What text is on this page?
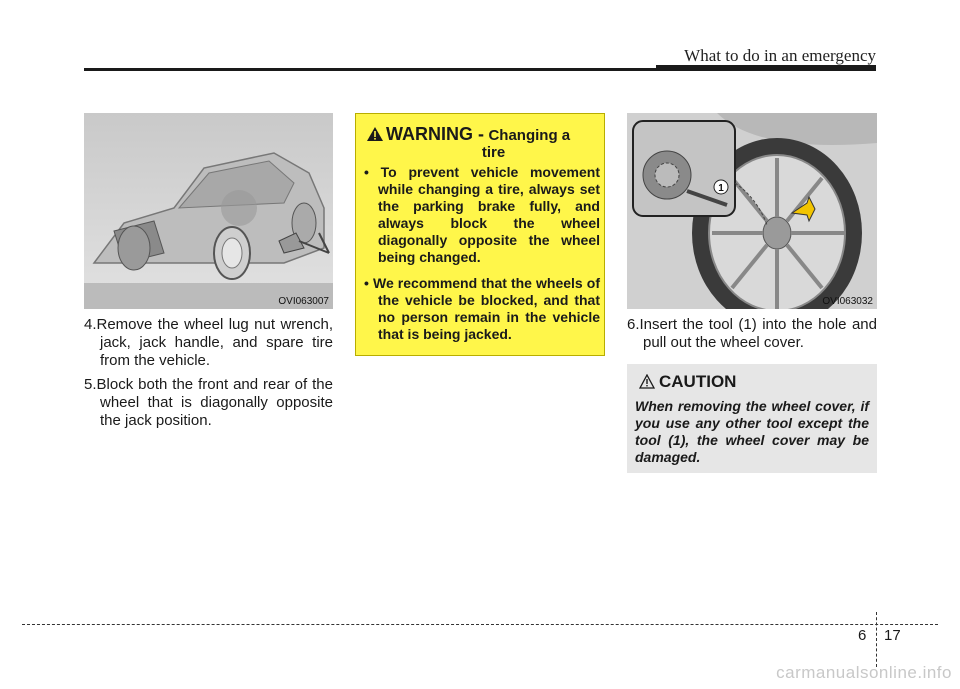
What to do in an emergency
OVI063007

4.Remove the wheel lug nut wrench, jack, jack handle, and spare tire from the vehicle.

5.Block both the front and rear of the wheel that is diagonally opposite the jack position.

WARNING - Changing a
tire
• To prevent vehicle movement while changing a tire, always set the parking brake fully, and always block the wheel diagonally opposite the wheel being changed.
• We recommend that the wheels of the vehicle be blocked, and that no person remain in the vehicle that is being jacked.
1
OVI063032

6.Insert the tool (1) into the hole and pull out the wheel cover.

CAUTION
When removing the wheel cover, if you use any other tool except the tool (1), the wheel cover may be damaged.
6 17
carmanualsonline.info
